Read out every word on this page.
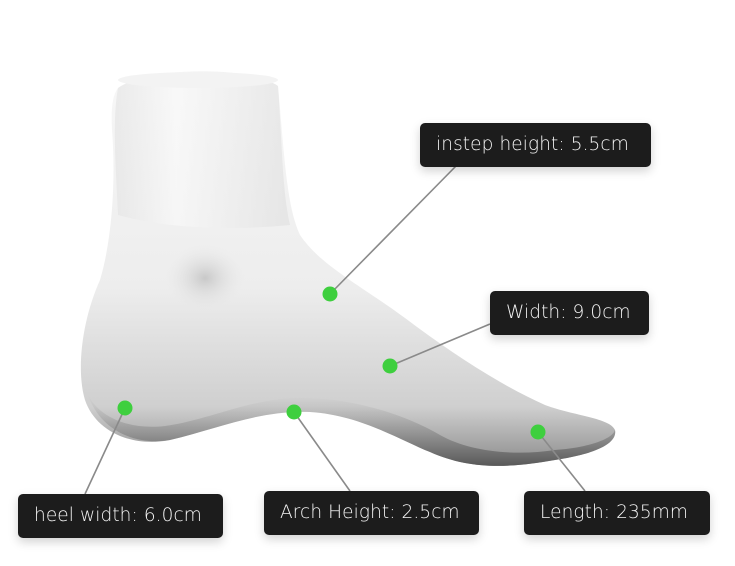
instep height: 5.5cm
Width: 9.0cm
heel width: 6.0cm	Arch Height: 2.5cm	Length: 235mm
